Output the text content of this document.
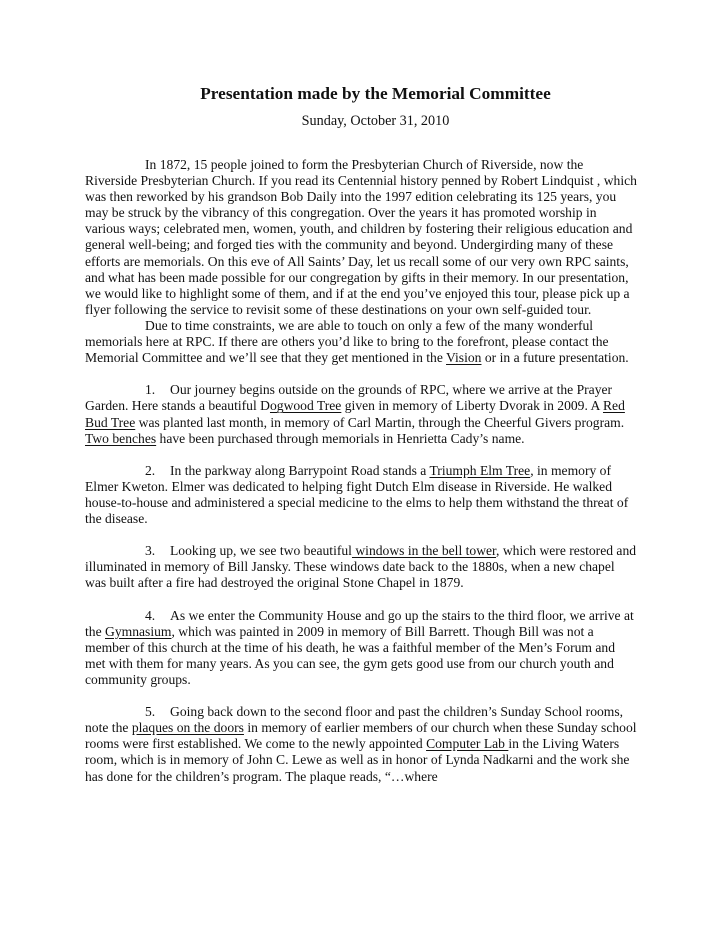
Presentation made by the Memorial Committee

Sunday, October 31, 2010

In 1872, 15 people joined to form the Presbyterian Church of Riverside, now the Riverside Presbyterian Church. If you read its Centennial history penned by Robert Lindquist , which was then reworked by his grandson Bob Daily into the 1997 edition celebrating its 125 years, you may be struck by the vibrancy of this congregation. Over the years it has promoted worship in various ways; celebrated men, women, youth, and children by fostering their religious education and general well-being; and forged ties with the community and beyond. Undergirding many of these efforts are memorials. On this eve of All Saints’ Day, let us recall some of our very own RPC saints, and what has been made possible for our congregation by gifts in their memory. In our presentation, we would like to highlight some of them, and if at the end you’ve enjoyed this tour, please pick up a flyer following the service to revisit some of these destinations on your own self-guided tour.

Due to time constraints, we are able to touch on only a few of the many wonderful memorials here at RPC. If there are others you’d like to bring to the forefront, please contact the Memorial Committee and we’ll see that they get mentioned in the Vision or in a future presentation.

1. Our journey begins outside on the grounds of RPC, where we arrive at the Prayer Garden. Here stands a beautiful Dogwood Tree given in memory of Liberty Dvorak in 2009. A Red Bud Tree was planted last month, in memory of Carl Martin, through the Cheerful Givers program. Two benches have been purchased through memorials in Henrietta Cady’s name.

2. In the parkway along Barrypoint Road stands a Triumph Elm Tree, in memory of Elmer Kweton. Elmer was dedicated to helping fight Dutch Elm disease in Riverside. He walked house-to-house and administered a special medicine to the elms to help them withstand the threat of the disease.

3. Looking up, we see two beautiful windows in the bell tower, which were restored and illuminated in memory of Bill Jansky. These windows date back to the 1880s, when a new chapel was built after a fire had destroyed the original Stone Chapel in 1879.

4. As we enter the Community House and go up the stairs to the third floor, we arrive at the Gymnasium, which was painted in 2009 in memory of Bill Barrett. Though Bill was not a member of this church at the time of his death, he was a faithful member of the Men’s Forum and met with them for many years. As you can see, the gym gets good use from our church youth and community groups.

5. Going back down to the second floor and past the children’s Sunday School rooms, note the plaques on the doors in memory of earlier members of our church when these Sunday school rooms were first established. We come to the newly appointed Computer Lab in the Living Waters room, which is in memory of John C. Lewe as well as in honor of Lynda Nadkarni and the work she has done for the children’s program. The plaque reads, “…where
